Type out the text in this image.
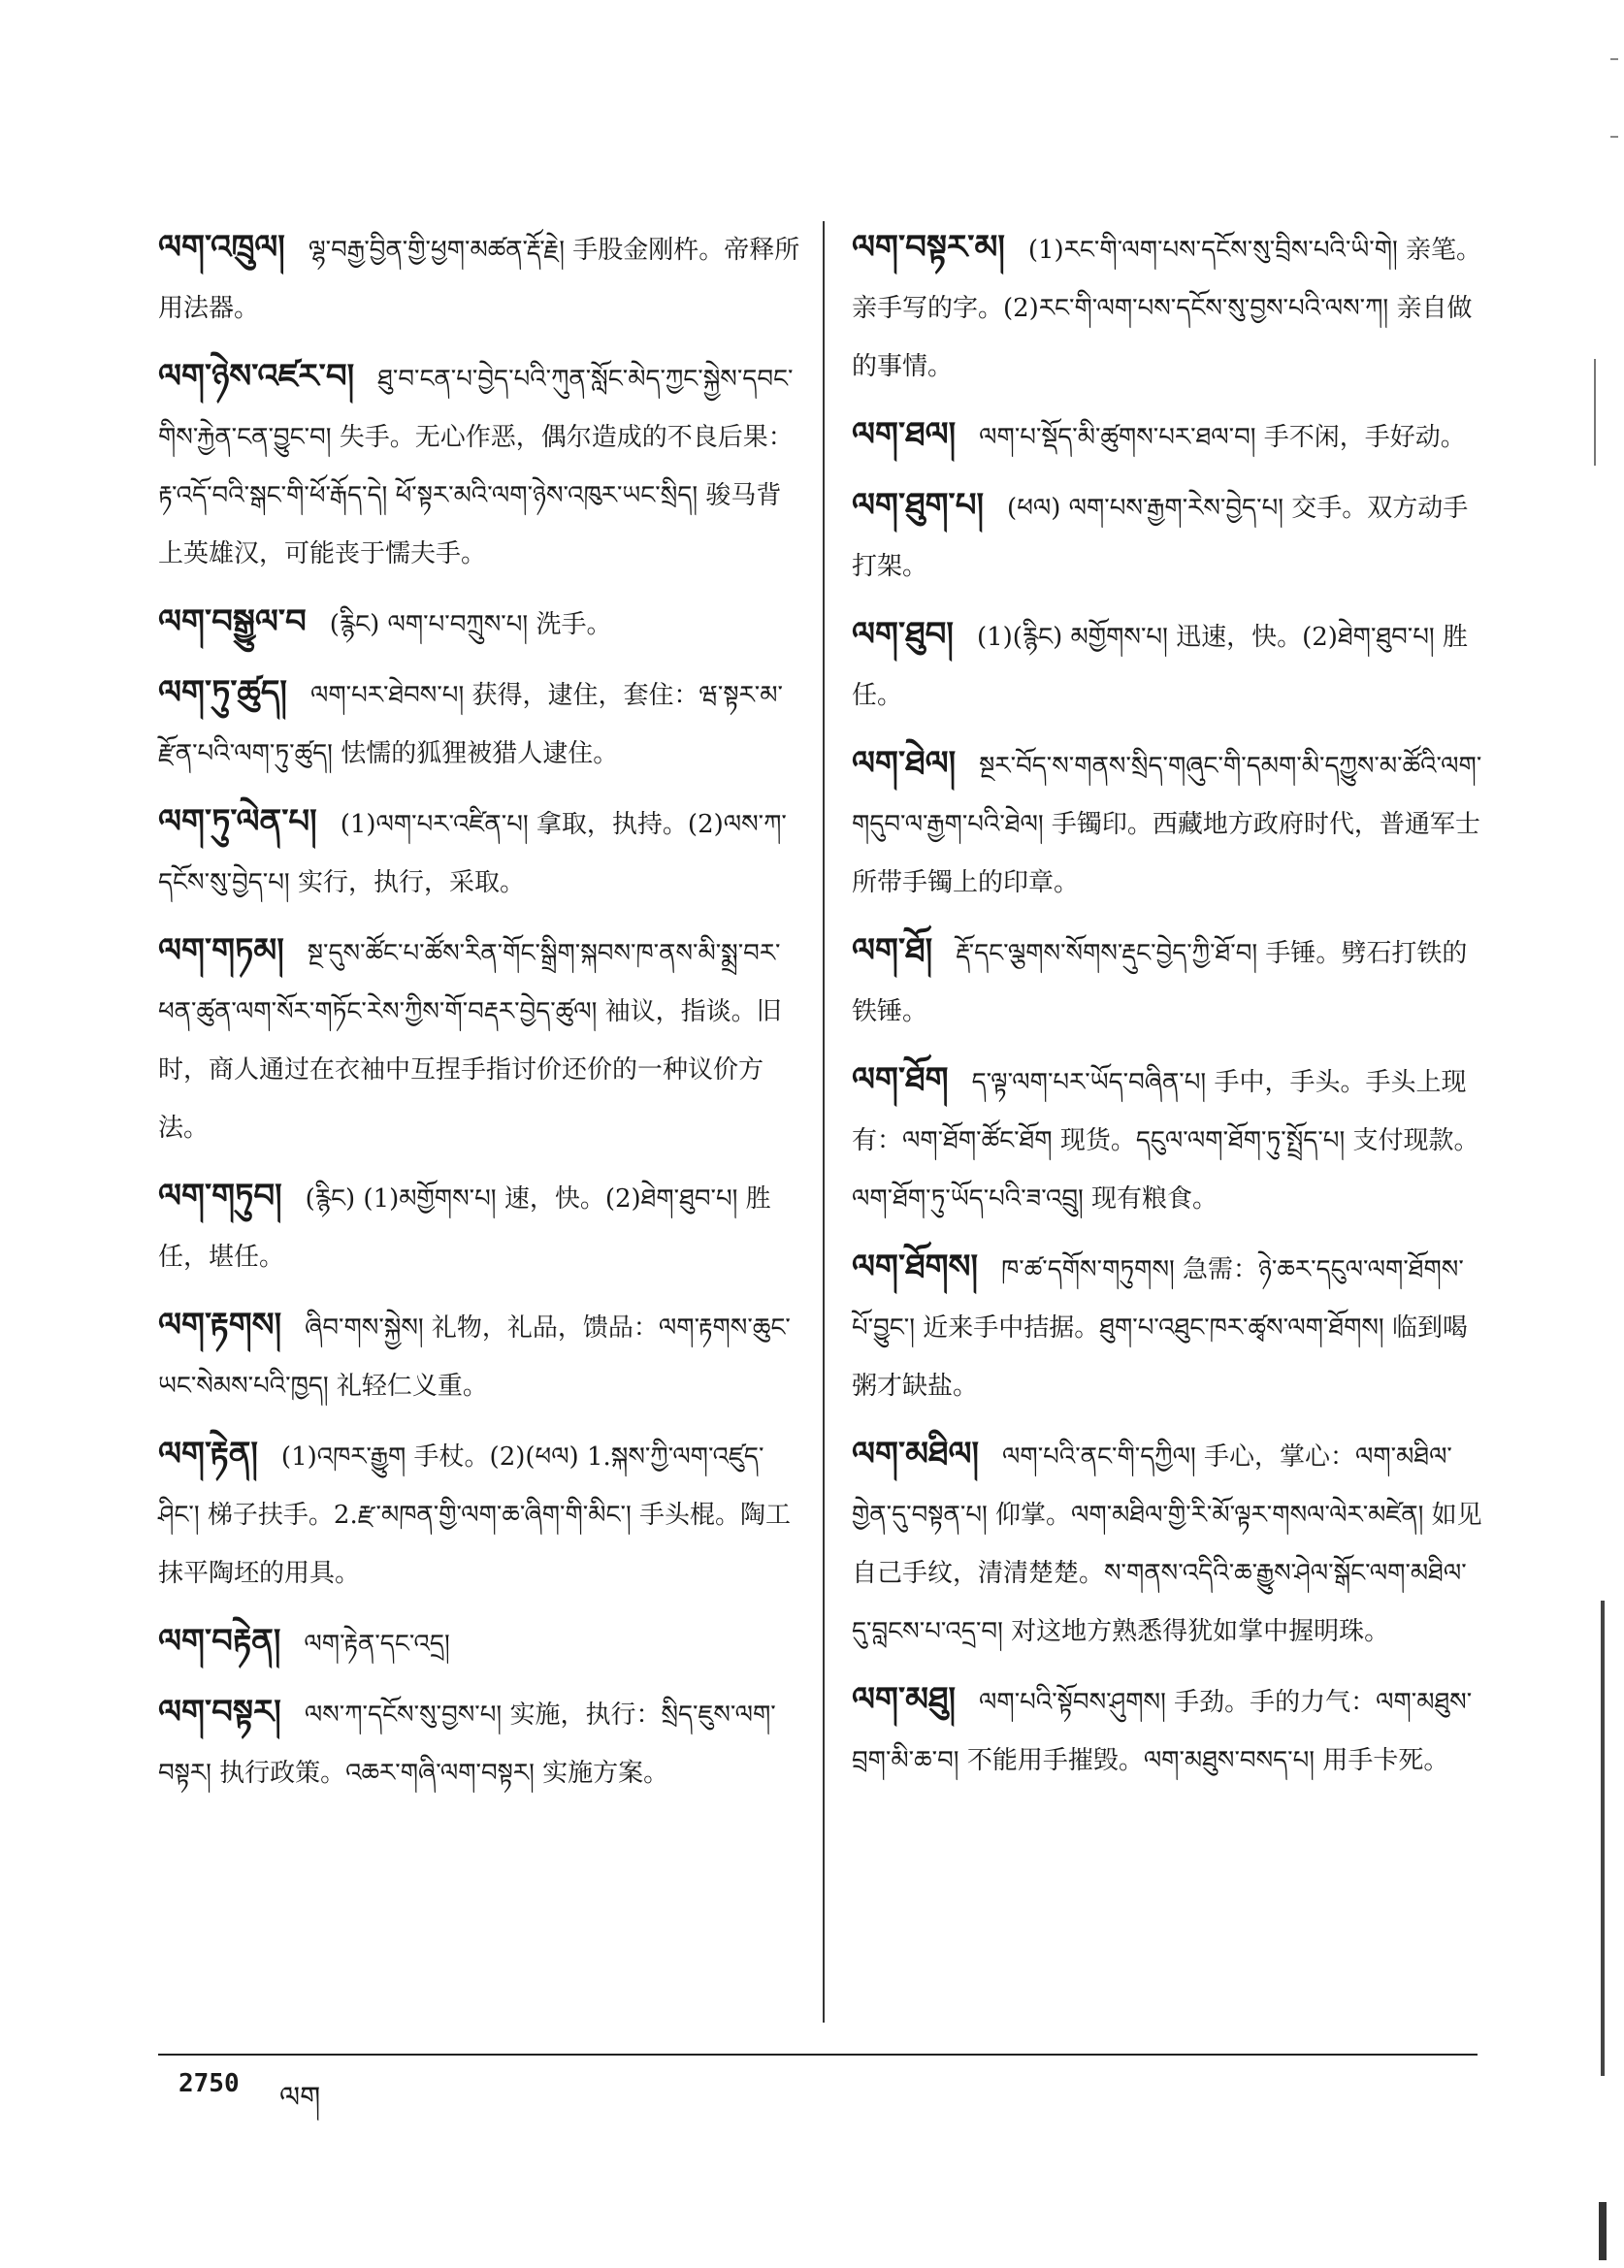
ལག་འཁྲུལ། ལྷ་བརྒྱ་བྱིན་གྱི་ཕྱག་མཚན་རྡོ་རྗེ། 手股金刚杵。帝释所用法器。
ལག་ཉེས་འཛར་བ། ཐུ་བ་ངན་པ་བྱེད་པའི་ཀུན་སློང་མེད་ཀྱང་སྐྱེས་དབང་གིས་རྐྱེན་ངན་བྱུང་བ། 失手。无心作恶，偶尔造成的不良后果：རྟ་འདོ་བའི་སྒང་གི་ཕོ་རྒོད་དེ། ཕོ་སྟར་མའི་ལག་ཉེས་འཁུར་ཡང་སྲིད། 骏马背上英雄汉，可能丧于懦夫手。
ལག་བསྒྱུལ་བ (རྙིང) ལག་པ་བཀྲུས་པ། 洗手。
ལག་ཏུ་ཚུད། ལག་པར་ཐེབས་པ། 获得，逮住，套住：ཝ་སྟར་མ་རྫོན་པའི་ལག་ཏུ་ཚུད། 怯懦的狐狸被猎人逮住。
ལག་ཏུ་ལེན་པ། (1)ལག་པར་འཛིན་པ། 拿取，执持。(2)ལས་ཀ་དངོས་སུ་བྱེད་པ། 实行，执行，采取。
ལག་གཏམ། སྔ་དུས་ཚོང་པ་ཚོས་རིན་གོང་སྒྲིག་སྐབས་ཁ་ནས་མི་སྨྲ་བར་ཕན་ཚུན་ལག་སོར་གཏོང་རེས་ཀྱིས་གོ་བརྡར་བྱེད་ཚུལ། 袖议，指谈。旧时，商人通过在衣袖中互捏手指讨价还价的一种议价方法。
ལག་གཏུབ། (རྙིང) (1)མགྱོགས་པ། 速，快。(2)ཐེག་ཐུབ་པ། 胜任，堪任。
ལག་རྟགས། ཞིབ་གས་སྐྱེས། 礼物，礼品，馈品：ལག་རྟགས་ཆུང་ཡང་སེམས་པའི་ཁྱད། 礼轻仁义重。
ལག་རྟེན། (1)འཁར་རྒྱུག 手杖。(2)(ཕལ) 1.སྐས་ཀྱི་ལག་འཛུད་ཤིང་། 梯子扶手。2.རྫ་མཁན་གྱི་ལག་ཆ་ཞིག་གི་མིང་། 手头棍。陶工抹平陶坯的用具。
ལག་བརྟེན། ལག་རྟེན་དང་འདྲ།
ལག་བསྟར། ལས་ཀ་དངོས་སུ་བྱས་པ། 实施，执行：སྲིད་ཇུས་ལག་བསྟར། 执行政策。འཆར་གཞི་ལག་བསྟར། 实施方案。
ལག་བསྟར་མ། (1)རང་གི་ལག་པས་དངོས་སུ་བྲིས་པའི་ཡི་གེ། 亲笔。亲手写的字。(2)རང་གི་ལག་པས་དངོས་སུ་བྱས་པའི་ལས་ཀ། 亲自做的事情。
ལག་ཐལ། ལག་པ་སྡོད་མི་ཚུགས་པར་ཐལ་བ། 手不闲，手好动。
ལག་ཐུག་པ། (ཕལ) ལག་པས་རྒྱག་རེས་བྱེད་པ། 交手。双方动手打架。
ལག་ཐུབ། (1)(རྙིང) མགྱོགས་པ། 迅速，快。(2)ཐེག་ཐུབ་པ། 胜任。
ལག་ཐེལ། སྔར་བོད་ས་གནས་སྲིད་གཞུང་གི་དམག་མི་དཀྱུས་མ་ཚོའི་ལག་གདུབ་ལ་རྒྱག་པའི་ཐེལ། 手镯印。西藏地方政府时代，普通军士所带手镯上的印章。
ལག་ཐོ། རྡོ་དང་ལྕགས་སོགས་རྡུང་བྱེད་ཀྱི་ཐོ་བ། 手锤。劈石打铁的铁锤。
ལག་ཐོག ད་ལྟ་ལག་པར་ཡོད་བཞིན་པ། 手中，手头。手头上现有：ལག་ཐོག་ཚོང་ཐོག 现货。དངུལ་ལག་ཐོག་ཏུ་སྤྲོད་པ། 支付现款。ལག་ཐོག་ཏུ་ཡོད་པའི་ཟ་འབྲུ། 现有粮食。
ལག་ཐོགས། ཁ་ཚ་དགོས་གཏུགས། 急需：ཉེ་ཆར་དངུལ་ལག་ཐོགས་པོ་བྱུང་། 近来手中拮据。ཐུག་པ་འཐུང་ཁར་ཚྭས་ལག་ཐོགས། 临到喝粥才缺盐。
ལག་མཐིལ། ལག་པའི་ནང་གི་དཀྱིལ། 手心，掌心：ལག་མཐིལ་གྱེན་དུ་བསྟན་པ། 仰掌。ལག་མཐིལ་གྱི་རི་མོ་ལྟར་གསལ་ལེར་མཛེན། 如见自己手纹，清清楚楚。ས་གནས་འདིའི་ཆ་རྒྱུས་ཤེལ་སྒོང་ལག་མཐིལ་དུ་བླངས་པ་འདྲ་བ། 对这地方熟悉得犹如掌中握明珠。
ལག་མཐུ། ལག་པའི་སྟོབས་ཤུགས། 手劲。手的力气：ལག་མཐུས་བྲག་མི་ཆ་བ། 不能用手摧毁。ལག་མཐུས་བསད་པ། 用手卡死。
2750 ལག
